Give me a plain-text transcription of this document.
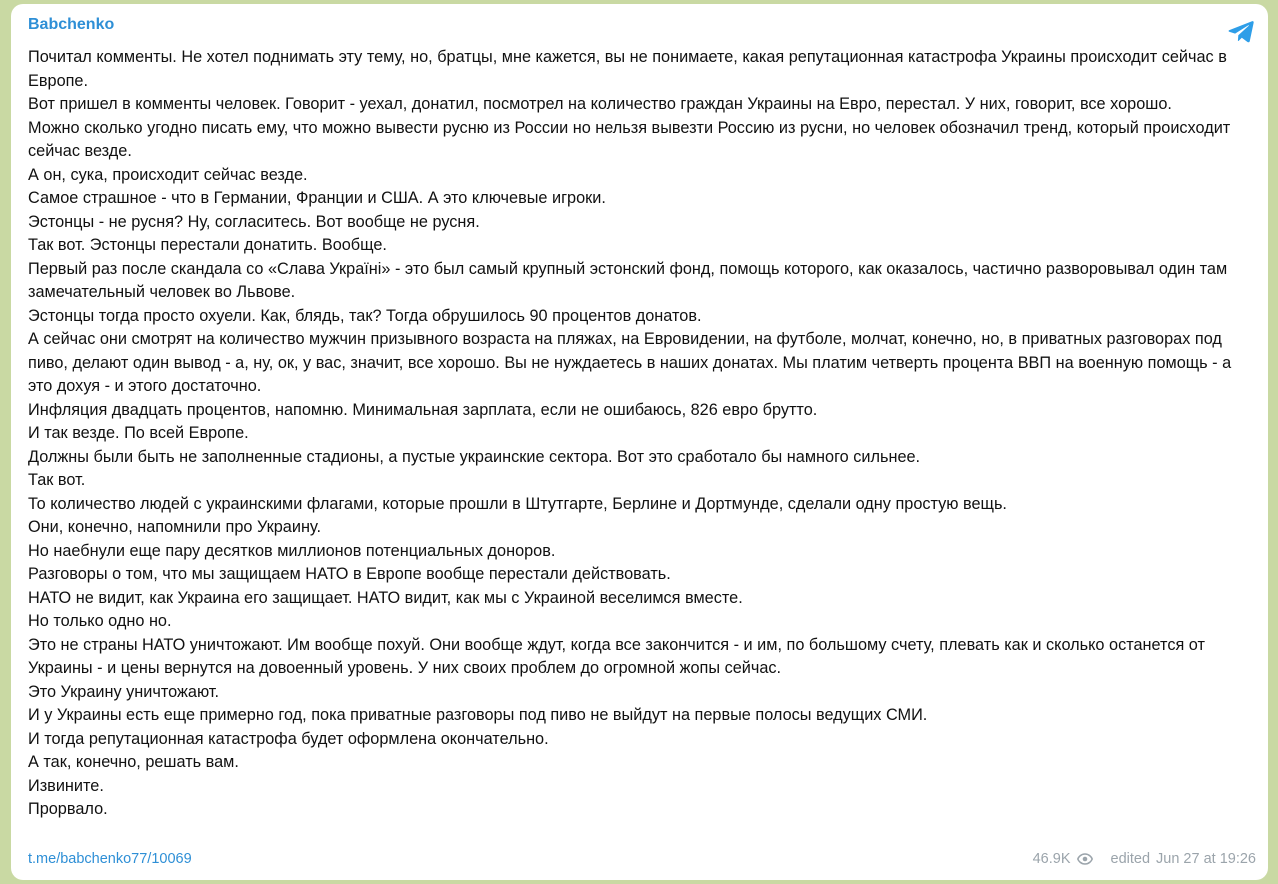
Babchenko

Почитал комменты. Не хотел поднимать эту тему, но, братцы, мне кажется, вы не понимаете, какая репутационная катастрофа Украины происходит сейчас в Европе.

Вот пришел в комменты человек. Говорит - уехал, донатил, посмотрел на количество граждан Украины на Евро, перестал. У них, говорит, все хорошо.

Можно сколько угодно писать ему, что можно вывести русню из России но нельзя вывезти Россию из русни, но человек обозначил тренд, который происходит сейчас везде.

А он, сука, происходит сейчас везде.

Самое страшное - что в Германии, Франции и США. А это ключевые игроки.

Эстонцы - не русня? Ну, согласитесь. Вот вообще не русня.

Так вот. Эстонцы перестали донатить. Вообще.

Первый раз после скандала со «Слава Україні» - это был самый крупный эстонский фонд, помощь которого, как оказалось, частично разворовывал один там замечательный человек во Львове.

Эстонцы тогда просто охуели. Как, блядь, так? Тогда обрушилось 90 процентов донатов.

А сейчас они смотрят на количество мужчин призывного возраста на пляжах, на Евровидении, на футболе, молчат, конечно, но, в приватных разговорах под пиво, делают один вывод - а, ну, ок, у вас, значит, все хорошо. Вы не нуждаетесь в наших донатах. Мы платим четверть процента ВВП на военную помощь - а это дохуя - и этого достаточно.

Инфляция двадцать процентов, напомню. Минимальная зарплата, если не ошибаюсь, 826 евро брутто.

И так везде. По всей Европе.

Должны были быть не заполненные стадионы, а пустые украинские сектора. Вот это сработало бы намного сильнее.

Так вот.

То количество людей с украинскими флагами, которые прошли в Штутгарте, Берлине и Дортмунде, сделали одну простую вещь.

Они, конечно, напомнили про Украину.

Но наебнули еще пару десятков миллионов потенциальных доноров.

Разговоры о том, что мы защищаем НАТО в Европе вообще перестали действовать.

НАТО не видит, как Украина его защищает. НАТО видит, как мы с Украиной веселимся вместе.

Но только одно но.

Это не страны НАТО уничтожают. Им вообще похуй. Они вообще ждут, когда все закончится - и им, по большому счету, плевать как и сколько останется от Украины - и цены вернутся на довоенный уровень. У них своих проблем до огромной жопы сейчас.

Это Украину уничтожают.

И у Украины есть еще примерно год, пока приватные разговоры под пиво не выйдут на первые полосы ведущих СМИ.

И тогда репутационная катастрофа будет оформлена окончательно.

А так, конечно, решать вам.

Извините.

Прорвало.

t.me/babchenko77/10069	46.9K	edited Jun 27 at 19:26
